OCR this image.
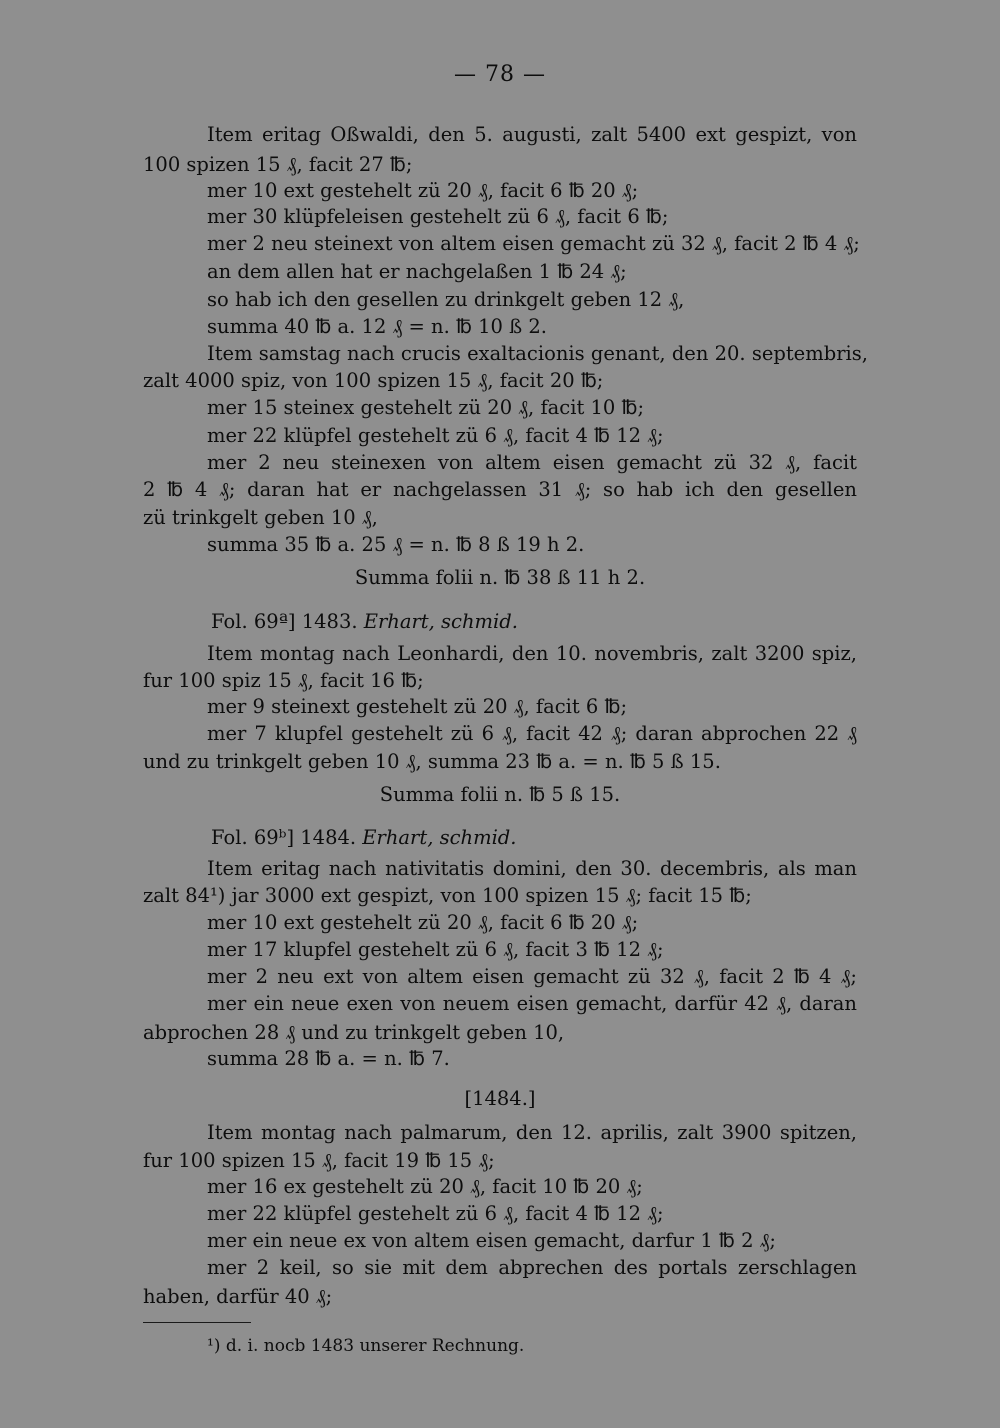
— 78 —
Item eritag Oßwaldi, den 5. augusti, zalt 5400 ext gespizt, von
100 spizen 15 ₰, facit 27 ℔;
mer 10 ext gestehelt zü 20 ₰, facit 6 ℔ 20 ₰;
mer 30 klüpfeleisen gestehelt zü 6 ₰, facit 6 ℔;
mer 2 neu steinext von altem eisen gemacht zü 32 ₰, facit 2 ℔ 4 ₰;
an dem allen hat er nachgelaßen 1 ℔ 24 ₰;
so hab ich den gesellen zu drinkgelt geben 12 ₰,
summa 40 ℔ a. 12 ₰ = n. ℔ 10 ß 2.
Item samstag nach crucis exaltacionis genant, den 20. septembris,
zalt 4000 spiz, von 100 spizen 15 ₰, facit 20 ℔;
mer 15 steinex gestehelt zü 20 ₰, facit 10 ℔;
mer 22 klüpfel gestehelt zü 6 ₰, facit 4 ℔ 12 ₰;
mer 2 neu steinexen von altem eisen gemacht zü 32 ₰, facit
2 ℔ 4 ₰; daran hat er nachgelassen 31 ₰; so hab ich den gesellen
zü trinkgelt geben 10 ₰,
summa 35 ℔ a. 25 ₰ = n. ℔ 8 ß 19 h 2.
Summa folii n. ℔ 38 ß 11 h 2.
Fol. 69ª] 1483. Erhart, schmid.
Item montag nach Leonhardi, den 10. novembris, zalt 3200 spiz,
fur 100 spiz 15 ₰, facit 16 ℔;
mer 9 steinext gestehelt zü 20 ₰, facit 6 ℔;
mer 7 klupfel gestehelt zü 6 ₰, facit 42 ₰; daran abprochen 22 ₰
und zu trinkgelt geben 10 ₰, summa 23 ℔ a. = n. ℔ 5 ß 15.
Summa folii n. ℔ 5 ß 15.
Fol. 69ᵇ] 1484. Erhart, schmid.
Item eritag nach nativitatis domini, den 30. decembris, als man
zalt 84¹) jar 3000 ext gespizt, von 100 spizen 15 ₰; facit 15 ℔;
mer 10 ext gestehelt zü 20 ₰, facit 6 ℔ 20 ₰;
mer 17 klupfel gestehelt zü 6 ₰, facit 3 ℔ 12 ₰;
mer 2 neu ext von altem eisen gemacht zü 32 ₰, facit 2 ℔ 4 ₰;
mer ein neue exen von neuem eisen gemacht, darfür 42 ₰, daran
abprochen 28 ₰ und zu trinkgelt geben 10,
summa 28 ℔ a. = n. ℔ 7.
[1484.]
Item montag nach palmarum, den 12. aprilis, zalt 3900 spitzen,
fur 100 spizen 15 ₰, facit 19 ℔ 15 ₰;
mer 16 ex gestehelt zü 20 ₰, facit 10 ℔ 20 ₰;
mer 22 klüpfel gestehelt zü 6 ₰, facit 4 ℔ 12 ₰;
mer ein neue ex von altem eisen gemacht, darfur 1 ℔ 2 ₰;
mer 2 keil, so sie mit dem abprechen des portals zerschlagen
haben, darfür 40 ₰;
¹) d. i. nocb 1483 unserer Rechnung.
